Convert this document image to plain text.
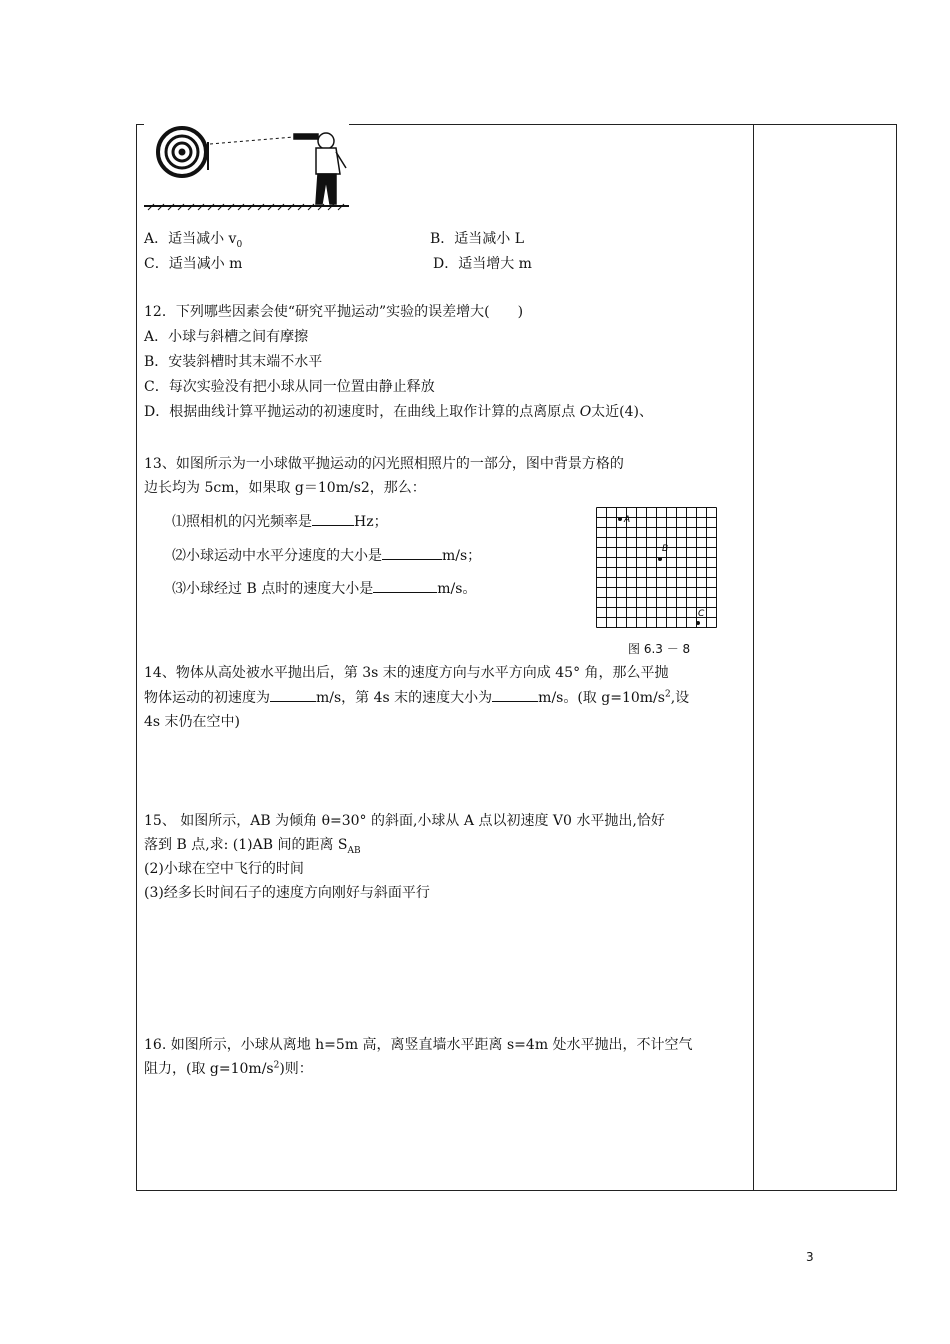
A．适当减小 $v_0$	B．适当减小 L
C．适当减小 m	D．适当增大 m
12．下列哪些因素会使“研究平抛运动”实验的误差增大(　　)
A．小球与斜槽之间有摩擦
B．安装斜槽时其末端不水平
C．每次实验没有把小球从同一位置由静止释放
D．根据曲线计算平抛运动的初速度时，在曲线上取作计算的点离原点 O太近(4)、
13、如图所示为一小球做平抛运动的闪光照相照片的一部分，图中背景方格的
边长均为 5cm，如果取 g＝10m/s2，那么：
⑴照相机的闪光频率是	Hz；
⑵小球运动中水平分速度的大小是	m/s；
⑶小球经过 B 点时的速度大小是	m/s。
A
B
C
图 6.3 － 8
14、物体从高处被水平抛出后，第 3s 末的速度方向与水平方向成 45° 角，那么平抛
物体运动的初速度为	m/s，第 4s 末的速度大小为	m/s。(取 $g=10m/s^2$,设
4s 末仍在空中)
15、 如图所示，AB 为倾角 θ=30° 的斜面,小球从 A 点以初速度 V0 水平抛出,恰好
落到 B 点,求: (1)AB 间的距离 $S_{AB}$
(2)小球在空中飞行的时间
(3)经多长时间石子的速度方向刚好与斜面平行
16. 如图所示，小球从离地 h=5m 高，离竖直墙水平距离 s=4m 处水平抛出，不计空气
阻力，(取 $g=10m/s^2$)则：
3
